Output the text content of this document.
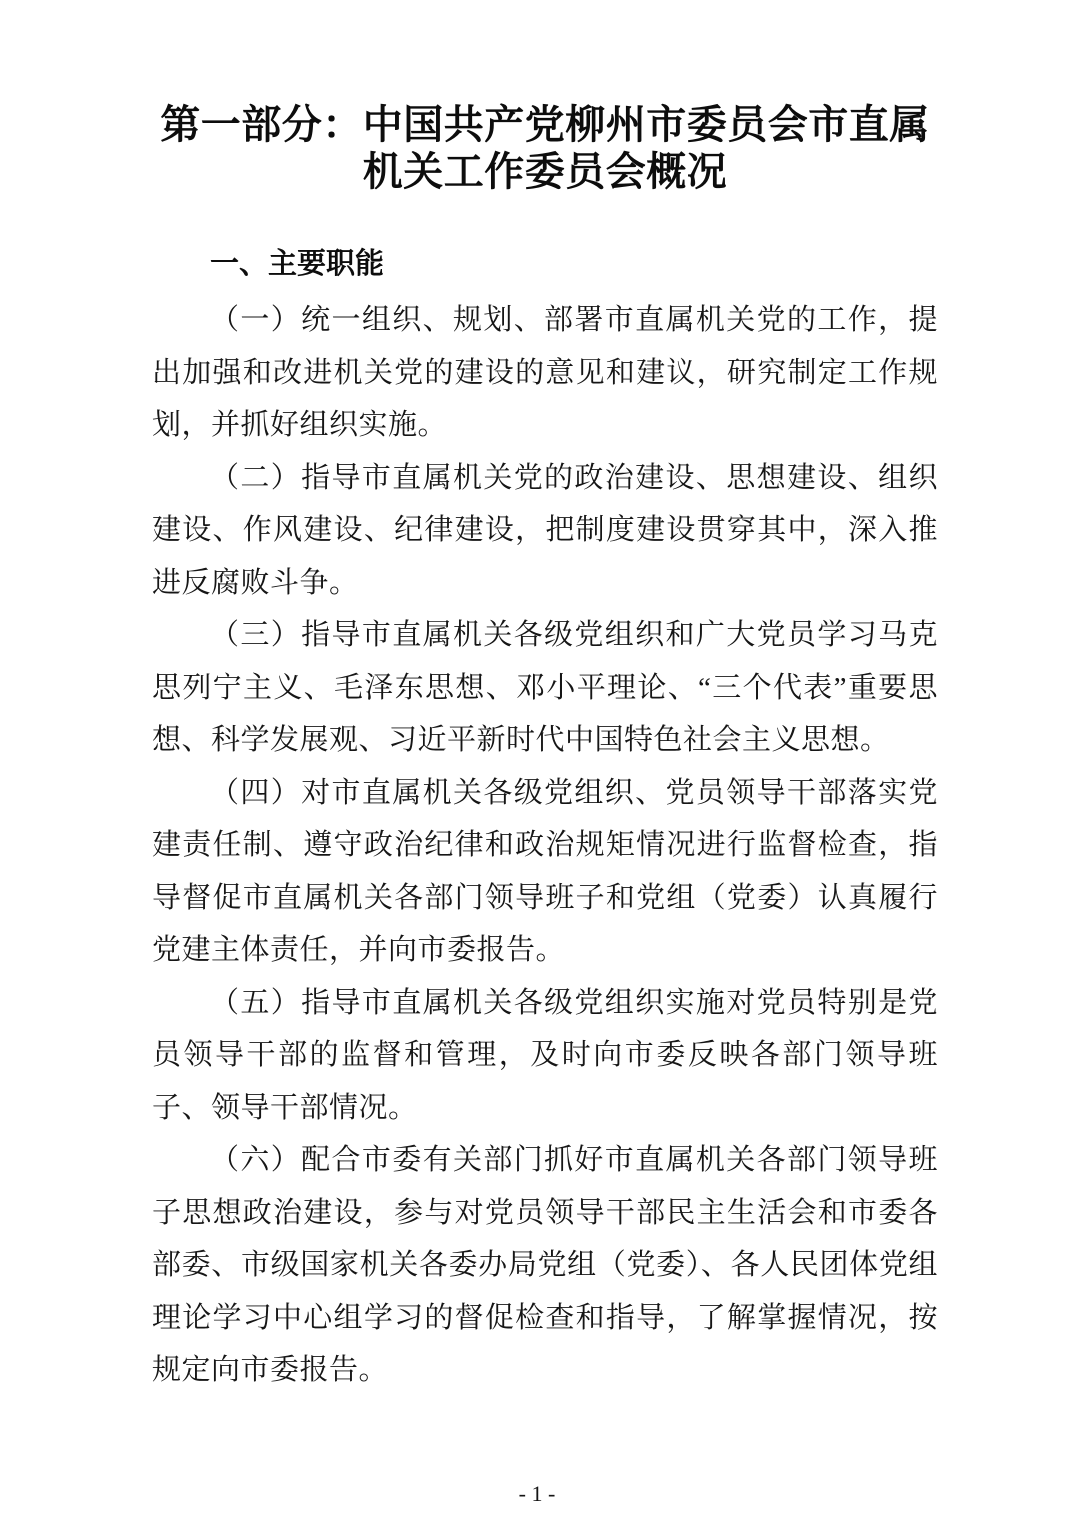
第一部分：中国共产党柳州市委员会市直属机关工作委员会概况
一、主要职能

（一）统一组织、规划、部署市直属机关党的工作，提出加强和改进机关党的建设的意见和建议，研究制定工作规划，并抓好组织实施。

（二）指导市直属机关党的政治建设、思想建设、组织建设、作风建设、纪律建设，把制度建设贯穿其中，深入推进反腐败斗争。

（三）指导市直属机关各级党组织和广大党员学习马克思列宁主义、毛泽东思想、邓小平理论、“三个代表”重要思想、科学发展观、习近平新时代中国特色社会主义思想。

（四）对市直属机关各级党组织、党员领导干部落实党建责任制、遵守政治纪律和政治规矩情况进行监督检查，指导督促市直属机关各部门领导班子和党组（党委）认真履行党建主体责任，并向市委报告。

（五）指导市直属机关各级党组织实施对党员特别是党员领导干部的监督和管理，及时向市委反映各部门领导班子、领导干部情况。

（六）配合市委有关部门抓好市直属机关各部门领导班子思想政治建设，参与对党员领导干部民主生活会和市委各部委、市级国家机关各委办局党组（党委）、各人民团体党组理论学习中心组学习的督促检查和指导，了解掌握情况，按规定向市委报告。

- 1 -
